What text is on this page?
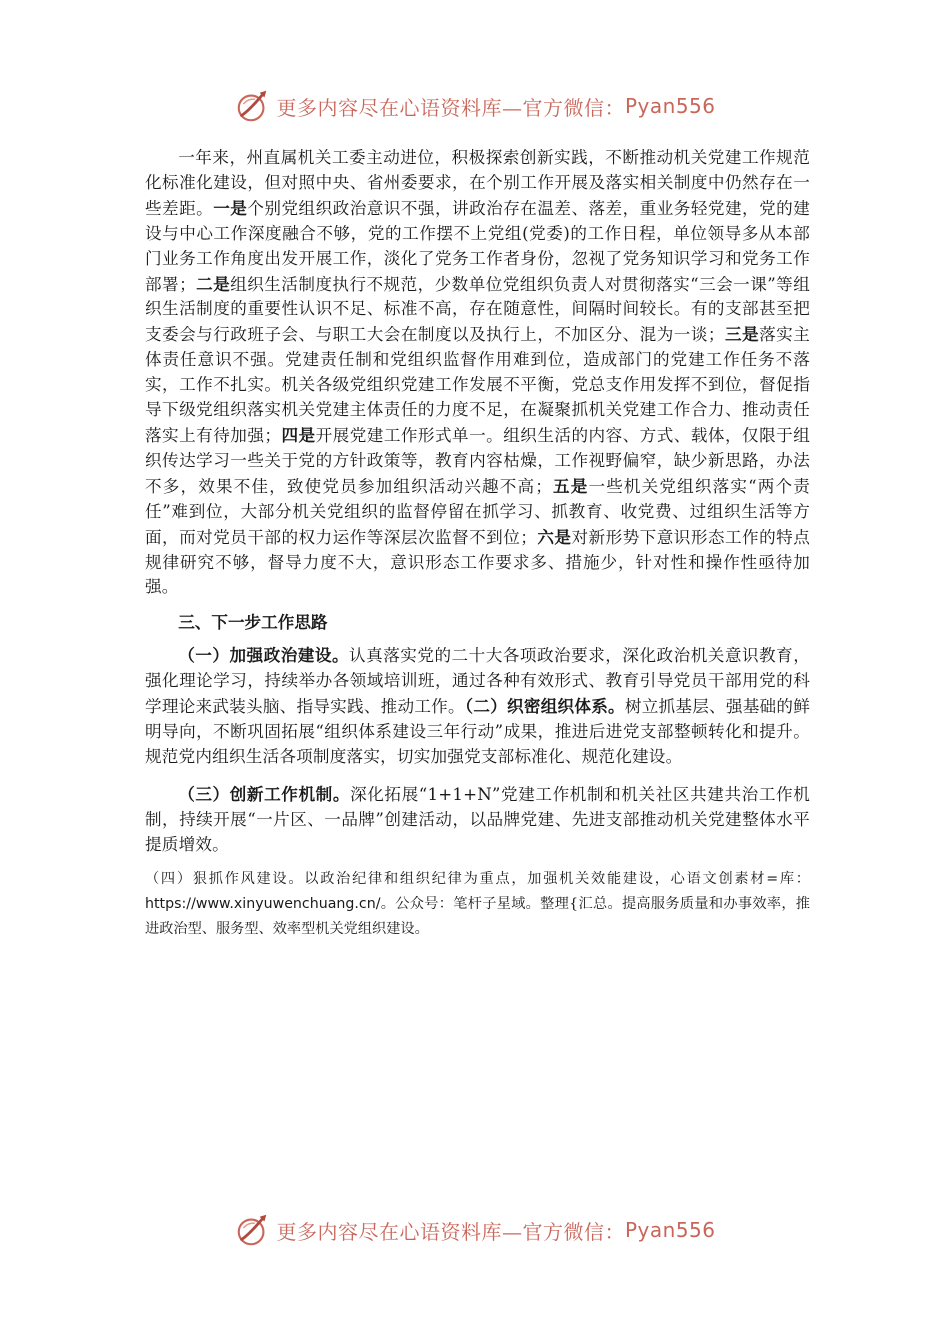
更多内容尽在心语资料库—官方微信： Pyan556

一年来，州直属机关工委主动进位，积极探索创新实践，不断推动机关党建工作规范化标准化建设，但对照中央、省州委要求，在个别工作开展及落实相关制度中仍然存在一些差距。一是个别党组织政治意识不强，讲政治存在温差、落差，重业务轻党建，党的建设与中心工作深度融合不够，党的工作摆不上党组(党委)的工作日程，单位领导多从本部门业务工作角度出发开展工作，淡化了党务工作者身份，忽视了党务知识学习和党务工作部署；二是组织生活制度执行不规范，少数单位党组织负责人对贯彻落实“三会一课”等组织生活制度的重要性认识不足、标准不高，存在随意性，间隔时间较长。有的支部甚至把支委会与行政班子会、与职工大会在制度以及执行上，不加区分、混为一谈；三是落实主体责任意识不强。党建责任制和党组织监督作用难到位，造成部门的党建工作任务不落实，工作不扎实。机关各级党组织党建工作发展不平衡，党总支作用发挥不到位，督促指导下级党组织落实机关党建主体责任的力度不足，在凝聚抓机关党建工作合力、推动责任落实上有待加强；四是开展党建工作形式单一。组织生活的内容、方式、载体，仅限于组织传达学习一些关于党的方针政策等，教育内容枯燥，工作视野偏窄，缺少新思路，办法不多，效果不佳，致使党员参加组织活动兴趣不高；五是一些机关党组织落实“两个责任”难到位，大部分机关党组织的监督停留在抓学习、抓教育、收党费、过组织生活等方面，而对党员干部的权力运作等深层次监督不到位；六是对新形势下意识形态工作的特点规律研究不够，督导力度不大，意识形态工作要求多、措施少，针对性和操作性亟待加强。

三、下一步工作思路

（一）加强政治建设。认真落实党的二十大各项政治要求，深化政治机关意识教育，强化理论学习，持续举办各领域培训班，通过各种有效形式、教育引导党员干部用党的科学理论来武装头脑、指导实践、推动工作。（二）织密组织体系。树立抓基层、强基础的鲜明导向，不断巩固拓展“组织体系建设三年行动”成果，推进后进党支部整顿转化和提升。规范党内组织生活各项制度落实，切实加强党支部标准化、规范化建设。

（三）创新工作机制。深化拓展“1+1+N”党建工作机制和机关社区共建共治工作机制，持续开展“一片区、一品牌”创建活动，以品牌党建、先进支部推动机关党建整体水平提质增效。

（四）狠抓作风建设。以政治纪律和组织纪律为重点，加强机关效能建设，心语文创素材=库：https://www.xinyuwenchuang.cn/。公众号：笔杆子星域。整理{汇总。提高服务质量和办事效率，推进政治型、服务型、效率型机关党组织建设。

更多内容尽在心语资料库—官方微信： Pyan556
